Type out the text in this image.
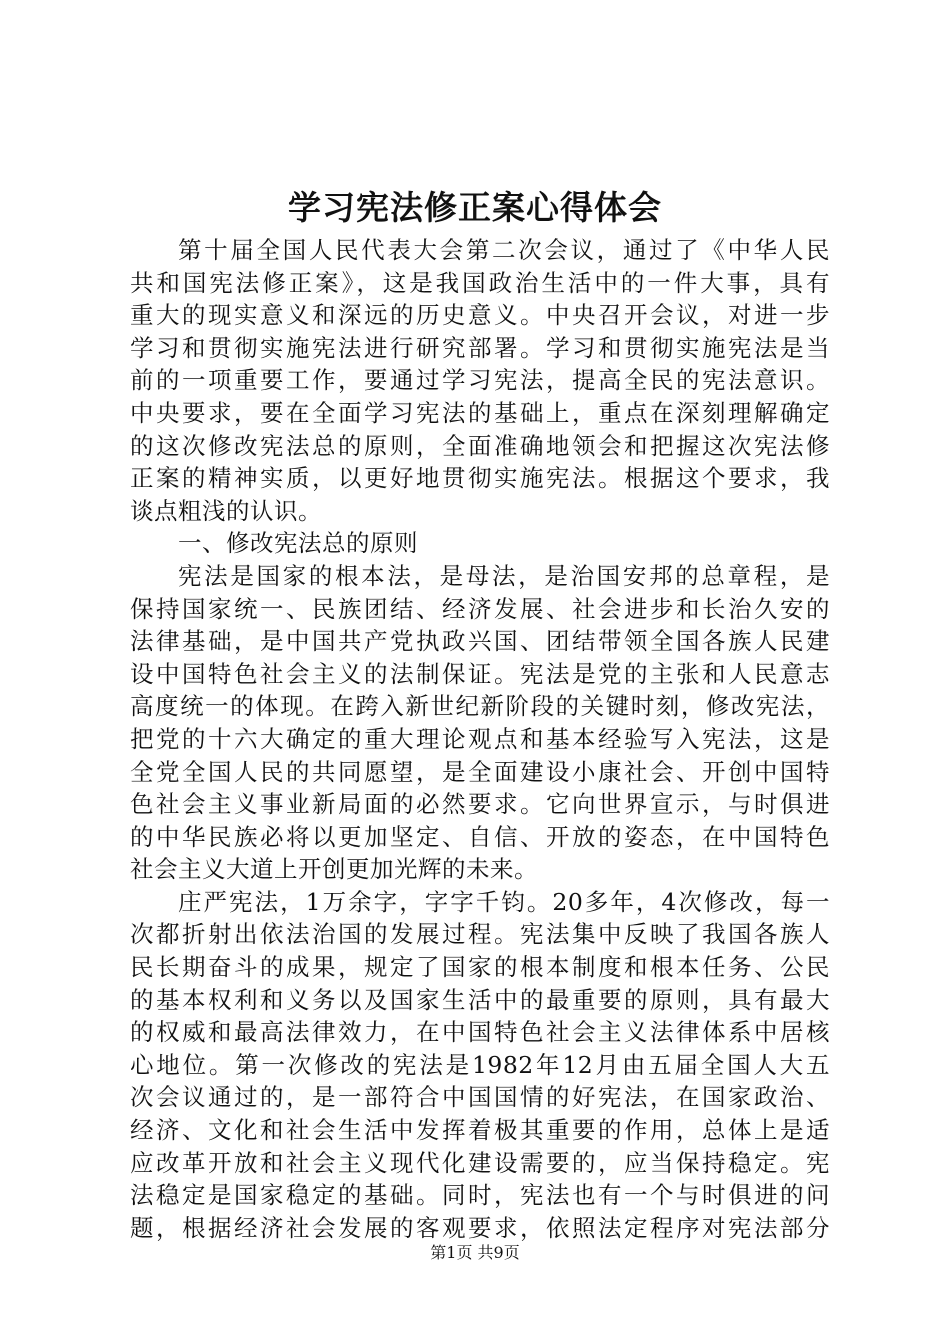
学习宪法修正案心得体会
第十届全国人民代表大会第二次会议，通过了《中华人民
共和国宪法修正案》，这是我国政治生活中的一件大事，具有
重大的现实意义和深远的历史意义。中央召开会议，对进一步
学习和贯彻实施宪法进行研究部署。学习和贯彻实施宪法是当
前的一项重要工作，要通过学习宪法，提高全民的宪法意识。
中央要求，要在全面学习宪法的基础上，重点在深刻理解确定
的这次修改宪法总的原则，全面准确地领会和把握这次宪法修
正案的精神实质，以更好地贯彻实施宪法。根据这个要求，我
谈点粗浅的认识。
一、修改宪法总的原则
宪法是国家的根本法，是母法，是治国安邦的总章程，是
保持国家统一、民族团结、经济发展、社会进步和长治久安的
法律基础，是中国共产党执政兴国、团结带领全国各族人民建
设中国特色社会主义的法制保证。宪法是党的主张和人民意志
高度统一的体现。在跨入新世纪新阶段的关键时刻，修改宪法，
把党的十六大确定的重大理论观点和基本经验写入宪法，这是
全党全国人民的共同愿望，是全面建设小康社会、开创中国特
色社会主义事业新局面的必然要求。它向世界宣示，与时俱进
的中华民族必将以更加坚定、自信、开放的姿态，在中国特色
社会主义大道上开创更加光辉的未来。
庄严宪法，1万余字，字字千钧。20多年，4次修改，每一
次都折射出依法治国的发展过程。宪法集中反映了我国各族人
民长期奋斗的成果，规定了国家的根本制度和根本任务、公民
的基本权利和义务以及国家生活中的最重要的原则，具有最大
的权威和最高法律效力，在中国特色社会主义法律体系中居核
心地位。第一次修改的宪法是1982年12月由五届全国人大五
次会议通过的，是一部符合中国国情的好宪法，在国家政治、
经济、文化和社会生活中发挥着极其重要的作用，总体上是适
应改革开放和社会主义现代化建设需要的，应当保持稳定。宪
法稳定是国家稳定的基础。同时，宪法也有一个与时俱进的问
题，根据经济社会发展的客观要求，依照法定程序对宪法部分
第1页 共9页
